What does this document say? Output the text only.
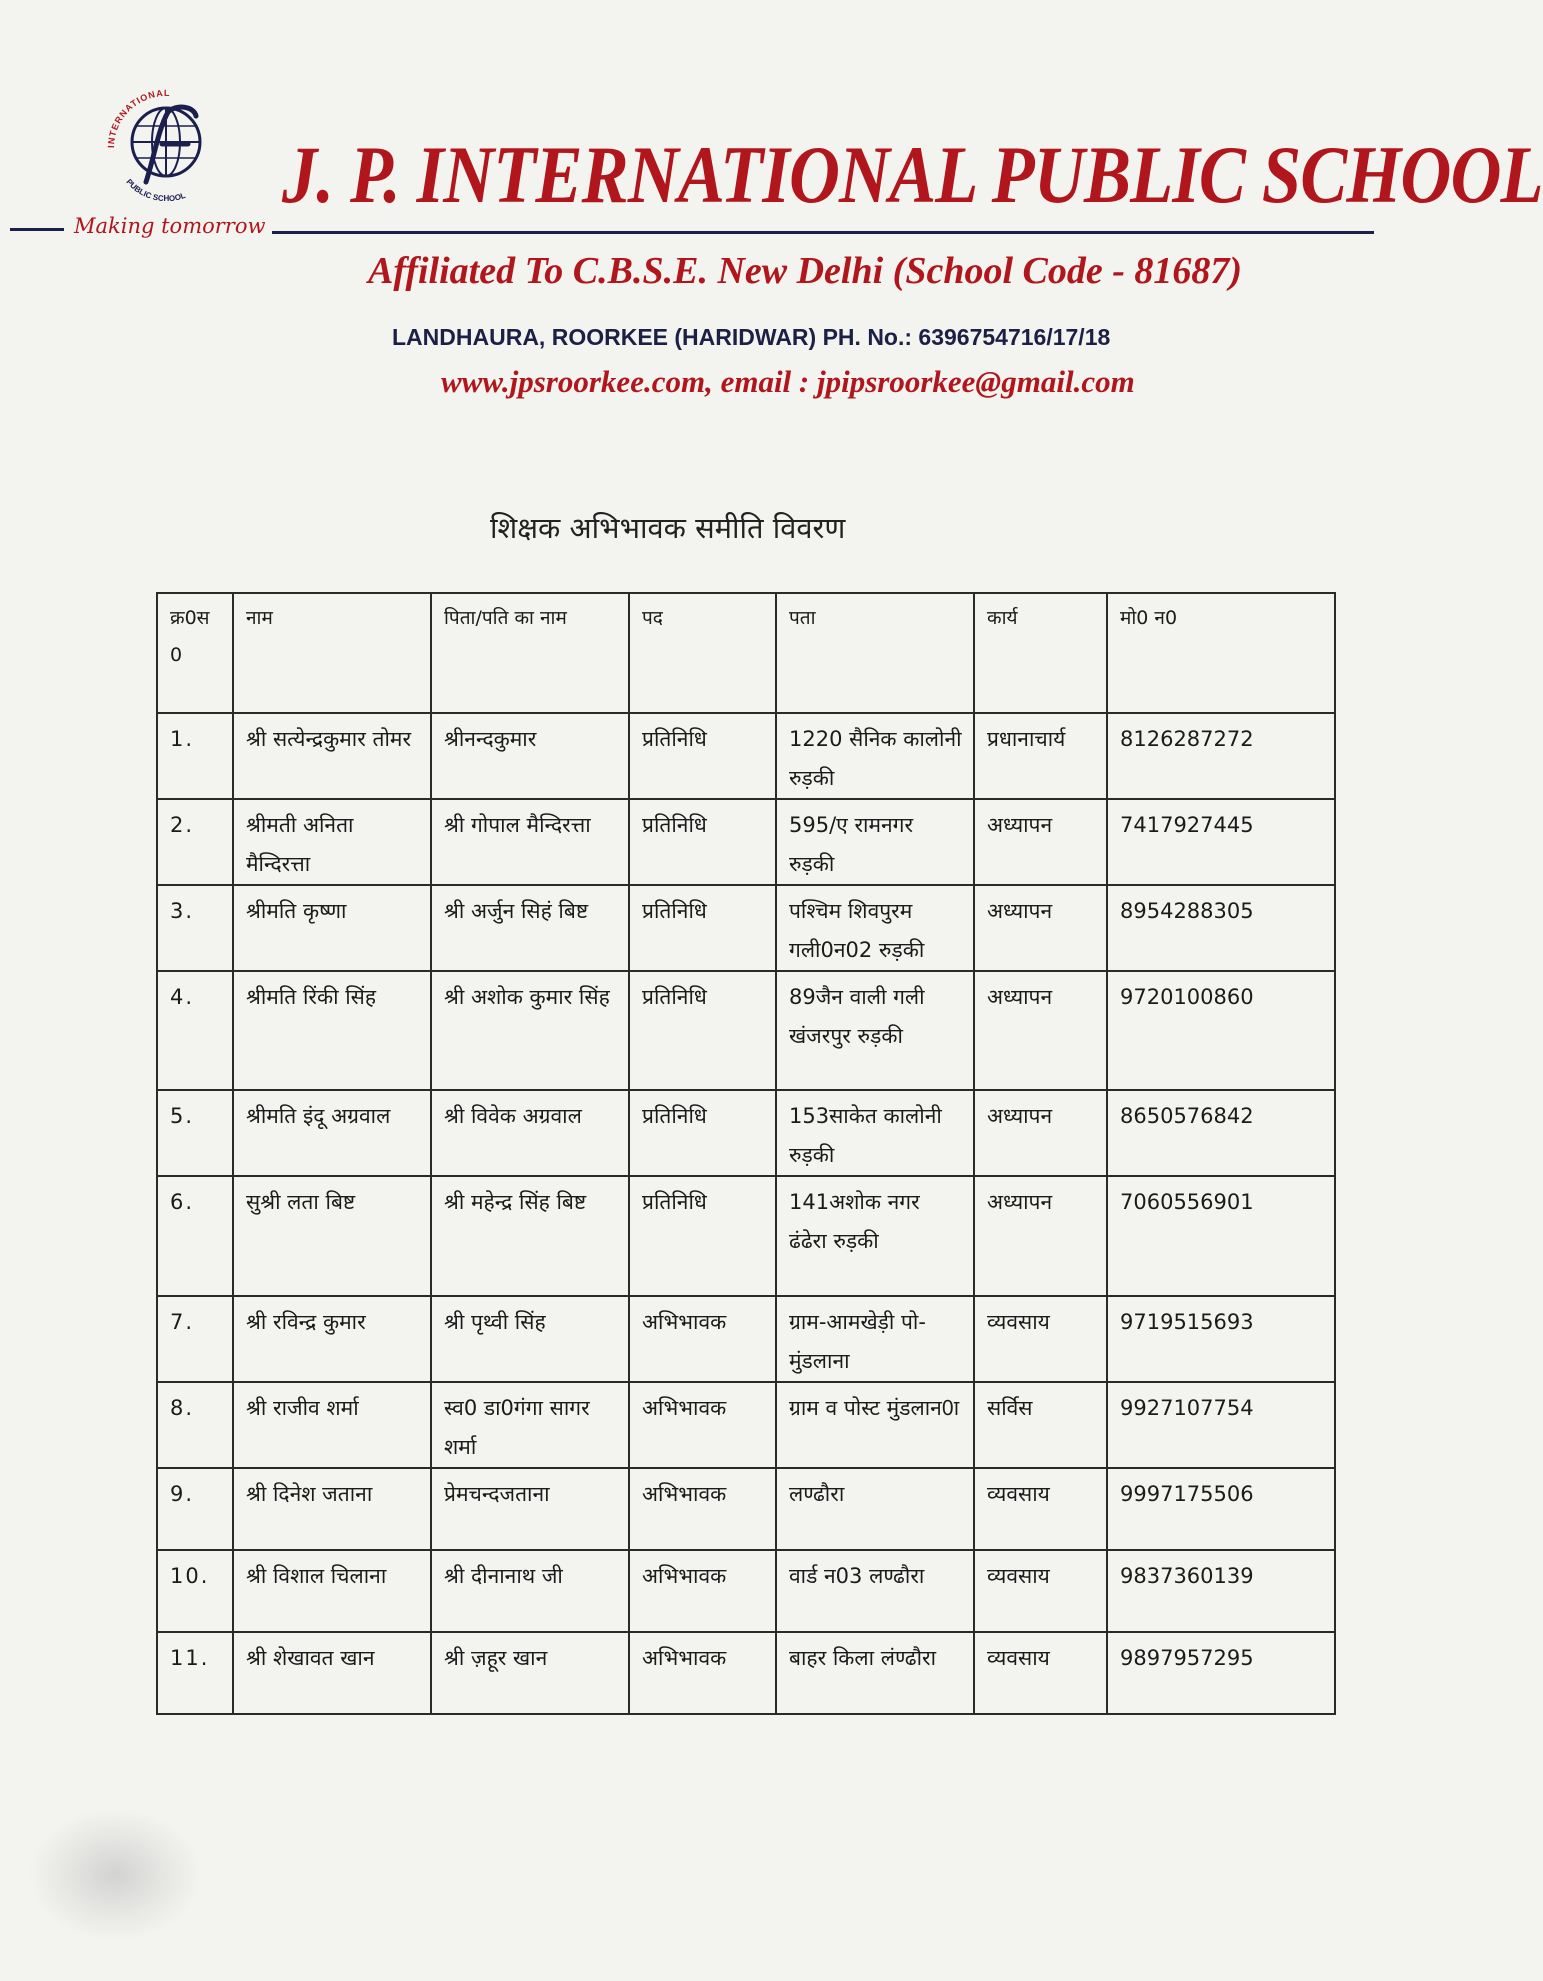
INTERNATIONAL
PUBLIC SCHOOL
Making tomorrow
J. P. INTERNATIONAL PUBLIC SCHOOL
Affiliated To C.B.S.E. New Delhi (School Code - 81687)
LANDHAURA, ROORKEE (HARIDWAR) PH. No.: 6396754716/17/18
www.jpsroorkee.com, email : jpipsroorkee@gmail.com
शिक्षक अभिभावक समीति विवरण
क्र0स 0	नाम	पिता/पति का नाम	पद	पता	कार्य	मो0 न0
1.	श्री सत्येन्द्रकुमार तोमर	श्रीनन्दकुमार	प्रतिनिधि	1220 सैनिक कालोनी रुड़की	प्रधानाचार्य	8126287272
2.	श्रीमती अनिता मैन्दिरत्ता	श्री गोपाल मैन्दिरत्ता	प्रतिनिधि	595/ए रामनगर रुड़की	अध्यापन	7417927445
3.	श्रीमति कृष्णा	श्री अर्जुन सिहं बिष्ट	प्रतिनिधि	पश्चिम शिवपुरम गली0न02 रुड़की	अध्यापन	8954288305
4.	श्रीमति रिंकी सिंह	श्री अशोक कुमार सिंह	प्रतिनिधि	89जैन वाली गली खंजरपुर रुड़की	अध्यापन	9720100860
5.	श्रीमति इंदू अग्रवाल	श्री विवेक अग्रवाल	प्रतिनिधि	153साकेत कालोनी रुड़की	अध्यापन	8650576842
6.	सुश्री लता बिष्ट	श्री महेन्द्र सिंह बिष्ट	प्रतिनिधि	141अशोक नगर ढंढेरा रुड़की	अध्यापन	7060556901
7.	श्री रविन्द्र कुमार	श्री पृथ्वी सिंह	अभिभावक	ग्राम-आमखेड़ी पो- मुंडलाना	व्यवसाय	9719515693
8.	श्री राजीव शर्मा	स्व0 डा0गंगा सागर शर्मा	अभिभावक	ग्राम व पोस्ट मुंडलान0ा	सर्विस	9927107754
9.	श्री दिनेश जताना	प्रेमचन्दजताना	अभिभावक	लण्ढौरा	व्यवसाय	9997175506
10.	श्री विशाल चिलाना	श्री दीनानाथ जी	अभिभावक	वार्ड न03 लण्ढौरा	व्यवसाय	9837360139
11.	श्री शेखावत खान	श्री ज़हूर खान	अभिभावक	बाहर किला लंण्ढौरा	व्यवसाय	9897957295
